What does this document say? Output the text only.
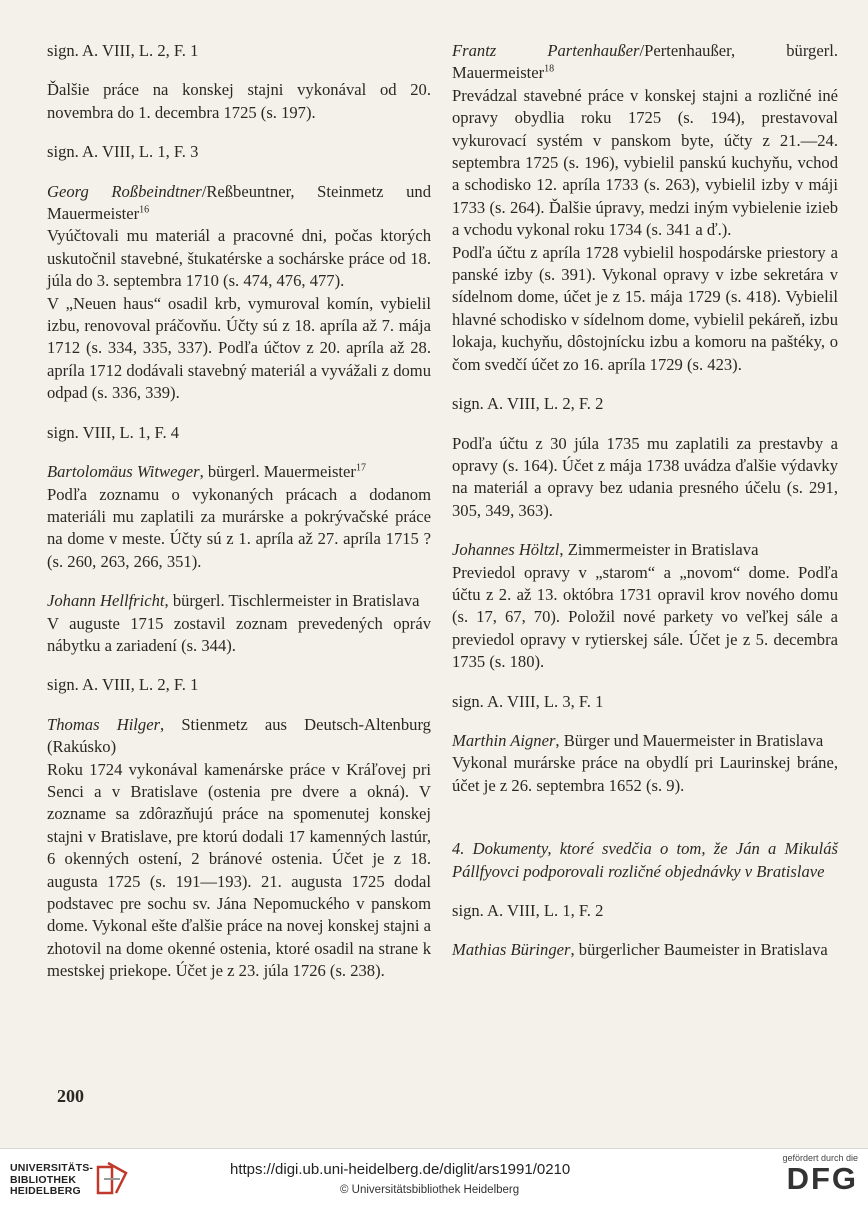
sign. A. VIII, L. 2, F. 1

Ďalšie práce na konskej stajni vykonával od 20. novembra do 1. decembra 1725 (s. 197).

sign. A. VIII, L. 1, F. 3

Georg Roßbeindtner/Reßbeuntner, Steinmetz und Mauermeister$^{16}$

Vyúčtovali mu materiál a pracovné dni, počas ktorých uskutočnil stavebné, štukatérske a sochárske práce od 18. júla do 3. septembra 1710 (s. 474, 476, 477).

V „Neuen haus“ osadil krb, vymuroval komín, vybielil izbu, renovoval práčovňu. Účty sú z 18. apríla až 7. mája 1712 (s. 334, 335, 337). Podľa účtov z 20. apríla až 28. apríla 1712 dodávali stavebný materiál a vyvážali z domu odpad (s. 336, 339).

sign. VIII, L. 1, F. 4

Bartolomäus Witweger, bürgerl. Mauermeister$^{17}$

Podľa zoznamu o vykonaných prácach a dodanom materiáli mu zaplatili za murárske a pokrývačské práce na dome v meste. Účty sú z 1. apríla až 27. apríla 1715 ? (s. 260, 263, 266, 351).

Johann Hellfricht, bürgerl. Tischlermeister in Bratislava

V auguste 1715 zostavil zoznam prevedených opráv nábytku a zariadení (s. 344).

sign. A. VIII, L. 2, F. 1

Thomas Hilger, Stienmetz aus Deutsch-Altenburg (Rakúsko)

Roku 1724 vykonával kamenárske práce v Kráľovej pri Senci a v Bratislave (ostenia pre dvere a okná). V zozname sa zdôrazňujú práce na spomenutej konskej stajni v Bratislave, pre ktorú dodali 17 kamenných lastúr, 6 okenných ostení, 2 bránové ostenia. Účet je z 18. augusta 1725 (s. 191—193). 21. augusta 1725 dodal podstavec pre sochu sv. Jána Nepomuckého v panskom dome. Vykonal ešte ďalšie práce na novej konskej stajni a zhotovil na dome okenné ostenia, ktoré osadil na strane k mestskej priekope. Účet je z 23. júla 1726 (s. 238).

Frantz Partenhaußer/Pertenhaußer, bürgerl. Mauermeister$^{18}$

Prevádzal stavebné práce v konskej stajni a rozličné iné opravy obydlia roku 1725 (s. 194), prestavoval vykurovací systém v panskom byte, účty z 21.—24. septembra 1725 (s. 196), vybielil panskú kuchyňu, vchod a schodisko 12. apríla 1733 (s. 263), vybielil izby v máji 1733 (s. 264). Ďalšie úpravy, medzi iným vybielenie izieb a vchodu vykonal roku 1734 (s. 341 a ď.).

Podľa účtu z apríla 1728 vybielil hospodárske priestory a panské izby (s. 391). Vykonal opravy v izbe sekretára v sídelnom dome, účet je z 15. mája 1729 (s. 418). Vybielil hlavné schodisko v sídelnom dome, vybielil pekáreň, izbu lokaja, kuchyňu, dôstojnícku izbu a komoru na paštéky, o čom svedčí účet zo 16. apríla 1729 (s. 423).

sign. A. VIII, L. 2, F. 2

Podľa účtu z 30 júla 1735 mu zaplatili za prestavby a opravy (s. 164). Účet z mája 1738 uvádza ďalšie výdavky na materiál a opravy bez udania presného účelu (s. 291, 305, 349, 363).

Johannes Höltzl, Zimmermeister in Bratislava

Previedol opravy v „starom“ a „novom“ dome. Podľa účtu z 2. až 13. októbra 1731 opravil krov nového domu (s. 17, 67, 70). Položil nové parkety vo veľkej sále a previedol opravy v rytierskej sále. Účet je z 5. decembra 1735 (s. 180).

sign. A. VIII, L. 3, F. 1

Marthin Aigner, Bürger und Mauermeister in Bratislava

Vykonal murárske práce na obydlí pri Laurinskej bráne, účet je z 26. septembra 1652 (s. 9).

4. Dokumenty, ktoré svedčia o tom, že Ján a Mikuláš Pállfyovci podporovali rozličné objednávky v Bratislave

sign. A. VIII, L. 1, F. 2

Mathias Büringer, bürgerlicher Baumeister in Bratislava

200
UNIVERSITÄTS-
BIBLIOTHEK
HEIDELBERG
https://digi.ub.uni-heidelberg.de/diglit/ars1991/0210
© Universitätsbibliothek Heidelberg
gefördert durch die
DFG
